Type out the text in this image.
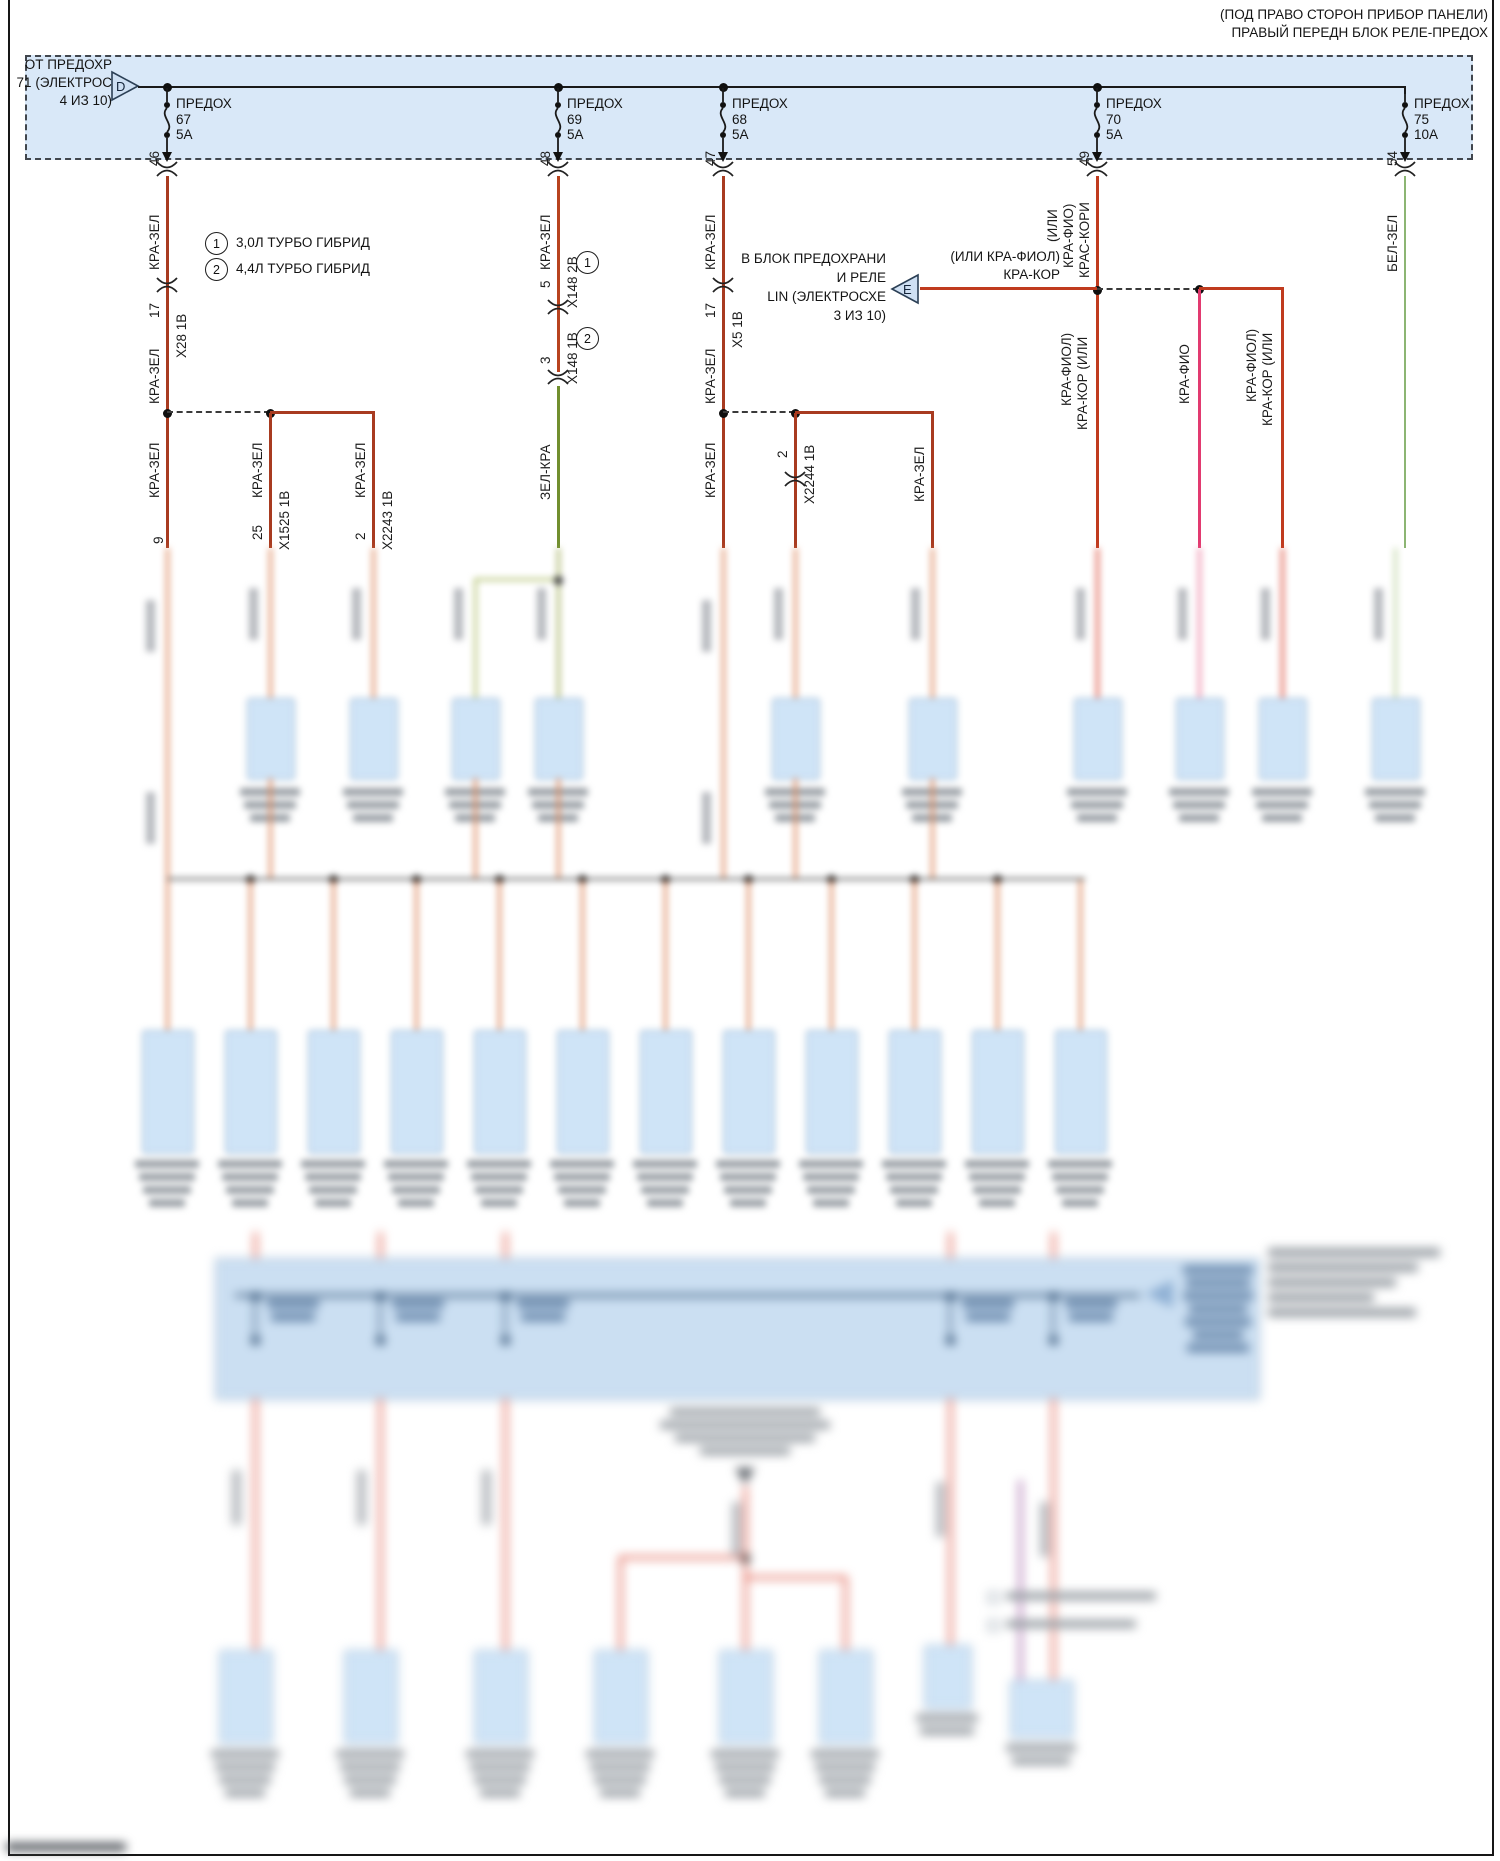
(ПОД ПРАВО СТОРОН ПРИБОР ПАНЕЛИ)
ПРАВЫЙ ПЕРЕДН БЛОК РЕЛЕ-ПРЕДОХ
ОТ ПРЕДОХР
71 (ЭЛЕКТРОС
4 ИЗ 10)
D
ПРЕДОХ
67
5А
ПРЕДОХ
69
5А
ПРЕДОХ
68
5А
ПРЕДОХ
70
5А
ПРЕДОХ
75
10А
46
КРА-ЗЕЛ
17
X28 1В
КРА-ЗЕЛ
КРА-ЗЕЛ	КРА-ЗЕЛ	КРА-ЗЕЛ
9
25 X1525 1В	2 X2243 1В
1	3,0Л ТУРБО ГИБРИД
2	4,4Л ТУРБО ГИБРИД
48
КРА-ЗЕЛ
X148 2В
5
1
X148 1В
3
2
ЗЕЛ-КРА
47
КРА-ЗЕЛ
17
X5 1В
КРА-ЗЕЛ
КРА-ЗЕЛ	2 X2244 1В	КРА-ЗЕЛ
49
(ИЛИ КРА-ФИО) КРАС-КОРИ
E
В БЛОК ПРЕДОХРАНИ
И РЕЛЕ
LIN (ЭЛЕКТРОСХЕ
3 ИЗ 10)
(ИЛИ КРА-ФИОЛ)
КРА-КОР
КРА-ФИОЛ) КРА-КОР (ИЛИ	КРА-ФИО	КРА-ФИОЛ) КРА-КОР (ИЛИ
54
БЕЛ-ЗЕЛ
